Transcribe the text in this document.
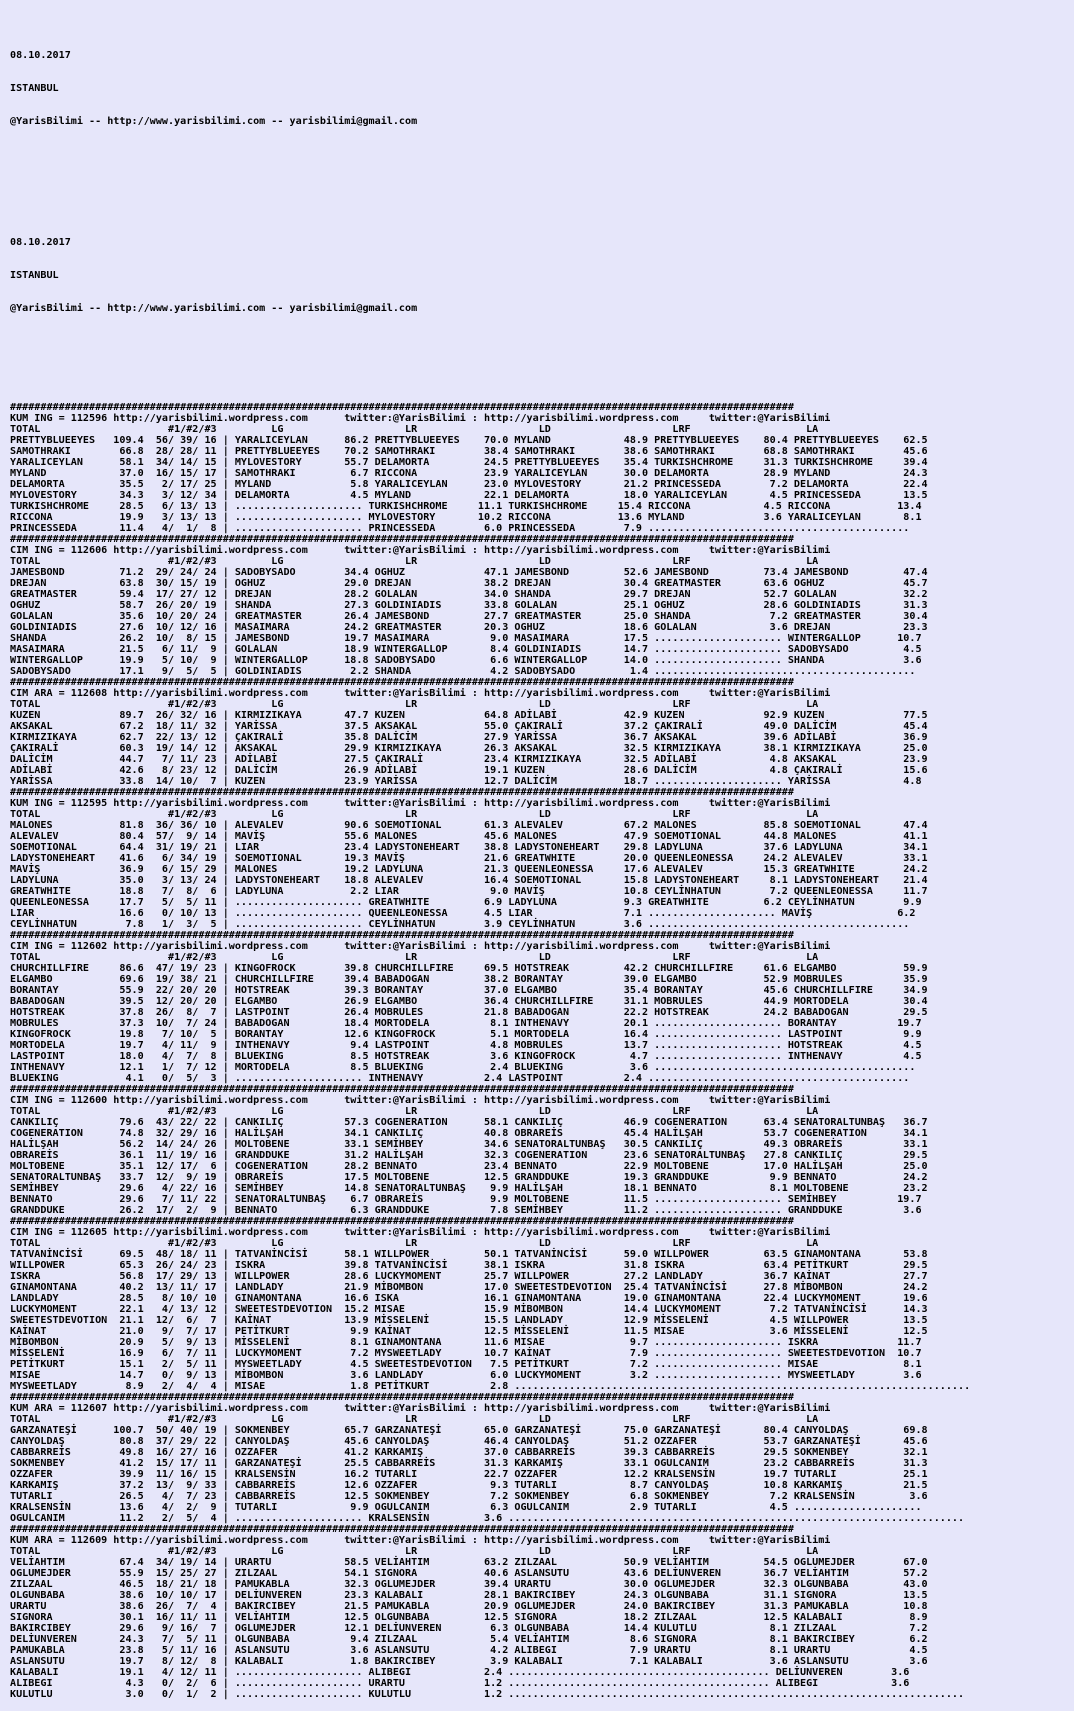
08.10.2017

ISTANBUL

@YarisBilimi -- http://www.yarisbilimi.com -- yarisbilimi@gmail.com

08.10.2017

ISTANBUL

@YarisBilimi -- http://www.yarisbilimi.com -- yarisbilimi@gmail.com

#################################################################################################################################
KUM ING = 112596 http://yarisbilimi.wordpress.com      twitter:@YarisBilimi : http://yarisbilimi.wordpress.com     twitter:@YarisBilimi
TOTAL                     #1/#2/#3         LG                    LR                    LD                    LRF                   LA
PRETTYBLUEEYES   109.4  56/ 39/ 16 | YARALICEYLAN      86.2 PRETTYBLUEEYES    70.0 MYLAND            48.9 PRETTYBLUEEYES    80.4 PRETTYBLUEEYES    62.5
SAMOTHRAKI        66.8  28/ 28/ 11 | PRETTYBLUEEYES    70.2 SAMOTHRAKI        38.4 SAMOTHRAKI        38.6 SAMOTHRAKI        68.8 SAMOTHRAKI        45.6
YARALICEYLAN      58.1  34/ 14/ 15 | MYLOVESTORY       55.7 DELAMORTA         24.5 PRETTYBLUEEYES    35.4 TURKISHCHROME     31.3 TURKISHCHROME     39.4
MYLAND            37.0  16/ 15/ 17 | SAMOTHRAKI         6.7 RICCONA           23.9 YARALICEYLAN      30.0 DELAMORTA         28.9 MYLAND            24.3
DELAMORTA         35.5   2/ 17/ 25 | MYLAND             5.8 YARALICEYLAN      23.0 MYLOVESTORY       21.2 PRINCESSEDA        7.2 DELAMORTA         22.4
MYLOVESTORY       34.3   3/ 12/ 34 | DELAMORTA          4.5 MYLAND            22.1 DELAMORTA         18.0 YARALICEYLAN       4.5 PRINCESSEDA       13.5
TURKISHCHROME     28.5   6/ 13/ 13 | ..................... TURKISHCHROME     11.1 TURKISHCHROME     15.4 RICCONA            4.5 RICCONA           13.4
RICCONA           19.9   3/ 13/ 13 | ..................... MYLOVESTORY       10.2 RICCONA           13.6 MYLAND             3.6 YARALICEYLAN       8.1
PRINCESSEDA       11.4   4/  1/  8 | ..................... PRINCESSEDA        6.0 PRINCESSEDA        7.9 ...........................................
#################################################################################################################################
CIM ING = 112606 http://yarisbilimi.wordpress.com      twitter:@YarisBilimi : http://yarisbilimi.wordpress.com     twitter:@YarisBilimi
TOTAL                     #1/#2/#3         LG                    LR                    LD                    LRF                   LA
JAMESBOND         71.2  29/ 24/ 24 | SADOBYSADO        34.4 OGHUZ             47.1 JAMESBOND         52.6 JAMESBOND         73.4 JAMESBOND         47.4
DREJAN            63.8  30/ 15/ 19 | OGHUZ             29.0 DREJAN            38.2 DREJAN            30.4 GREATMASTER       63.6 OGHUZ             45.7
GREATMASTER       59.4  17/ 27/ 12 | DREJAN            28.2 GOLALAN           34.0 SHANDA            29.7 DREJAN            52.7 GOLALAN           32.2
OGHUZ             58.7  26/ 20/ 19 | SHANDA            27.3 GOLDINIADIS       33.8 GOLALAN           25.1 OGHUZ             28.6 GOLDINIADIS       31.3
GOLALAN           35.6  10/ 20/ 24 | GREATMASTER       26.4 JAMESBOND         27.7 GREATMASTER       25.0 SHANDA             7.2 GREATMASTER       30.4
GOLDINIADIS       27.6  10/ 12/ 16 | MASAIMARA         24.2 GREATMASTER       20.3 OGHUZ             18.6 GOLALAN            3.6 DREJAN            23.3
SHANDA            26.2  10/  8/ 15 | JAMESBOND         19.7 MASAIMARA          9.0 MASAIMARA         17.5 ..................... WINTERGALLOP      10.7
MASAIMARA         21.5   6/ 11/  9 | GOLALAN           18.9 WINTERGALLOP       8.4 GOLDINIADIS       14.7 ..................... SADOBYSADO         4.5
WINTERGALLOP      19.9   5/ 10/  9 | WINTERGALLOP      18.8 SADOBYSADO         6.6 WINTERGALLOP      14.0 ..................... SHANDA             3.6
SADOBYSADO        17.1   9/  5/  5 | GOLDINIADIS        2.2 SHANDA             4.2 SADOBYSADO         1.4 ...........................................
#################################################################################################################################
CIM ARA = 112608 http://yarisbilimi.wordpress.com      twitter:@YarisBilimi : http://yarisbilimi.wordpress.com     twitter:@YarisBilimi
TOTAL                     #1/#2/#3         LG                    LR                    LD                    LRF                   LA
KUZEN             89.7  26/ 32/ 16 | KIRMIZIKAYA       47.7 KUZEN             64.8 ADİLABİ           42.9 KUZEN             92.9 KUZEN             77.5
AKSAKAL           67.2  18/ 11/ 32 | YARİSSA           37.5 AKSAKAL           55.0 ÇAKIRALİ          37.2 ÇAKIRALİ          49.0 DALİCİM           45.4
KIRMIZIKAYA       62.7  22/ 13/ 12 | ÇAKIRALİ          35.8 DALİCİM           27.9 YARİSSA           36.7 AKSAKAL           39.6 ADİLABİ           36.9
ÇAKIRALİ          60.3  19/ 14/ 12 | AKSAKAL           29.9 KIRMIZIKAYA       26.3 AKSAKAL           32.5 KIRMIZIKAYA       38.1 KIRMIZIKAYA       25.0
DALİCİM           44.7   7/ 11/ 23 | ADİLABİ           27.5 ÇAKIRALİ          23.4 KIRMIZIKAYA       32.5 ADİLABİ            4.8 AKSAKAL           23.9
ADİLABİ           42.6   8/ 23/ 12 | DALİCİM           26.9 ADİLABİ           19.1 KUZEN             28.6 DALİCİM            4.8 ÇAKIRALİ          15.6
YARİSSA           33.8  14/ 10/  7 | KUZEN             23.9 YARİSSA           12.7 DALİCİM           18.7 ..................... YARİSSA            4.8
#################################################################################################################################
KUM ING = 112595 http://yarisbilimi.wordpress.com      twitter:@YarisBilimi : http://yarisbilimi.wordpress.com     twitter:@YarisBilimi
TOTAL                     #1/#2/#3         LG                    LR                    LD                    LRF                   LA
MALONES           81.8  36/ 36/ 10 | ALEVALEV          90.6 SOEMOTIONAL       61.3 ALEVALEV          67.2 MALONES           85.8 SOEMOTIONAL       47.4
ALEVALEV          80.4  57/  9/ 14 | MAVİŞ             55.6 MALONES           45.6 MALONES           47.9 SOEMOTIONAL       44.8 MALONES           41.1
SOEMOTIONAL       64.4  31/ 19/ 21 | LIAR              23.4 LADYSTONEHEART    38.8 LADYSTONEHEART    29.8 LADYLUNA          37.6 LADYLUNA          34.1
LADYSTONEHEART    41.6   6/ 34/ 19 | SOEMOTIONAL       19.3 MAVİŞ             21.6 GREATWHITE        20.0 QUEENLEONESSA     24.2 ALEVALEV          33.1
MAVİŞ             36.9   6/ 15/ 29 | MALONES           19.2 LADYLUNA          21.3 QUEENLEONESSA     17.6 ALEVALEV          15.3 GREATWHITE        24.2
LADYLUNA          35.0   3/ 13/ 24 | LADYSTONEHEART    18.8 ALEVALEV          16.4 SOEMOTIONAL       15.8 LADYSTONEHEART     8.1 LADYSTONEHEART    21.4
GREATWHITE        18.8   7/  8/  6 | LADYLUNA           2.2 LIAR               9.0 MAVİŞ             10.8 CEYLİNHATUN        7.2 QUEENLEONESSA     11.7
QUEENLEONESSA     17.7   5/  5/ 11 | ..................... GREATWHITE         6.9 LADYLUNA           9.3 GREATWHITE         6.2 CEYLİNHATUN        9.9
LIAR              16.6   0/ 10/ 13 | ..................... QUEENLEONESSA      4.5 LIAR               7.1 ..................... MAVİŞ              6.2
CEYLİNHATUN        7.8   1/  3/  5 | ..................... CEYLİNHATUN        3.9 CEYLİNHATUN        3.6 ...........................................
#################################################################################################################################
CIM ING = 112602 http://yarisbilimi.wordpress.com      twitter:@YarisBilimi : http://yarisbilimi.wordpress.com     twitter:@YarisBilimi
TOTAL                     #1/#2/#3         LG                    LR                    LD                    LRF                   LA
CHURCHILLFIRE     86.6  47/ 19/ 23 | KINGOFROCK        39.8 CHURCHILLFIRE     69.5 HOTSTREAK         42.2 CHURCHILLFIRE     61.6 ELGAMBO           59.9
ELGAMBO           69.6  19/ 38/ 21 | CHURCHILLFIRE     39.4 BABADOGAN         38.2 BORANTAY          39.0 ELGAMBO           52.9 MOBRULES          35.9
BORANTAY          55.9  22/ 20/ 20 | HOTSTREAK         39.3 BORANTAY          37.0 ELGAMBO           35.4 BORANTAY          45.6 CHURCHILLFIRE     34.9
BABADOGAN         39.5  12/ 20/ 20 | ELGAMBO           26.9 ELGAMBO           36.4 CHURCHILLFIRE     31.1 MOBRULES          44.9 MORTODELA         30.4
HOTSTREAK         37.8  26/  8/  7 | LASTPOINT         26.4 MOBRULES          21.8 BABADOGAN         22.2 HOTSTREAK         24.2 BABADOGAN         29.5
MOBRULES          37.3  10/  7/ 24 | BABADOGAN         18.4 MORTODELA          8.1 INTHENAVY         20.1 ..................... BORANTAY          19.7
KINGOFROCK        19.8   7/ 10/  5 | BORANTAY          12.6 KINGOFROCK         5.1 MORTODELA         16.4 ..................... LASTPOINT          9.9
MORTODELA         19.7   4/ 11/  9 | INTHENAVY          9.4 LASTPOINT          4.8 MOBRULES          13.7 ..................... HOTSTREAK          4.5
LASTPOINT         18.0   4/  7/  8 | BLUEKING           8.5 HOTSTREAK          3.6 KINGOFROCK         4.7 ..................... INTHENAVY          4.5
INTHENAVY         12.1   1/  7/ 12 | MORTODELA          8.5 BLUEKING           2.4 BLUEKING           3.6 ...........................................
BLUEKING           4.1   0/  5/  3 | ..................... INTHENAVY          2.4 LASTPOINT          2.4 ...........................................
#################################################################################################################################
CIM ING = 112600 http://yarisbilimi.wordpress.com      twitter:@YarisBilimi : http://yarisbilimi.wordpress.com     twitter:@YarisBilimi
TOTAL                     #1/#2/#3         LG                    LR                    LD                    LRF                   LA
CANKILIÇ          79.6  43/ 22/ 22 | CANKILIÇ          57.3 COGENERATION      58.1 CANKILIÇ          46.9 COGENERATION      63.4 SENATORALTUNBAŞ   36.7
COGENERATION      74.8  32/ 29/ 16 | HALİLŞAH          34.1 CANKILIÇ          40.8 OBRAREİS          45.4 HALİLŞAH          53.7 COGENERATION      34.1
HALİLŞAH          56.2  14/ 24/ 26 | MOLTOBENE         33.1 SEMİHBEY          34.6 SENATORALTUNBAŞ   30.5 CANKILIÇ          49.3 OBRAREİS          33.1
OBRAREİS          36.1  11/ 19/ 16 | GRANDDUKE         31.2 HALİLŞAH          32.3 COGENERATION      23.6 SENATORALTUNBAŞ   27.8 CANKILIÇ          29.5
MOLTOBENE         35.1  12/ 17/  6 | COGENERATION      28.2 BENNATO           23.4 BENNATO           22.9 MOLTOBENE         17.0 HALİLŞAH          25.0
SENATORALTUNBAŞ   33.7  12/  9/ 19 | OBRAREİS          17.5 MOLTOBENE         12.5 GRANDDUKE         19.3 GRANDDUKE          9.9 BENNATO           24.2
SEMİHBEY          29.6   4/ 22/ 16 | SEMİHBEY          14.8 SENATORALTUNBAŞ    9.9 HALİLŞAH          18.1 BENNATO            8.1 MOLTOBENE         23.2
BENNATO           29.6   7/ 11/ 22 | SENATORALTUNBAŞ    6.7 OBRAREİS           9.9 MOLTOBENE         11.5 ..................... SEMİHBEY          19.7
GRANDDUKE         26.2  17/  2/  9 | BENNATO            6.3 GRANDDUKE          7.8 SEMİHBEY          11.2 ..................... GRANDDUKE          3.6
#################################################################################################################################
CIM ING = 112605 http://yarisbilimi.wordpress.com      twitter:@YarisBilimi : http://yarisbilimi.wordpress.com     twitter:@YarisBilimi
TOTAL                     #1/#2/#3         LG                    LR                    LD                    LRF                   LA
TATVANİNCİSİ      69.5  48/ 18/ 11 | TATVANİNCİSİ      58.1 WILLPOWER         50.1 TATVANİNCİSİ      59.0 WILLPOWER         63.5 GINAMONTANA       53.8
WILLPOWER         65.3  26/ 24/ 23 | ISKRA             39.8 TATVANİNCİSİ      38.1 ISKRA             31.8 ISKRA             63.4 PETİTKURT         29.5
ISKRA             56.8  17/ 29/ 13 | WILLPOWER         28.6 LUCKYMOMENT       25.7 WILLPOWER         27.2 LANDLADY          36.7 KAİNAT            27.7
GINAMONTANA       40.2  13/ 11/ 17 | LANDLADY          21.9 MİBOMBON          17.0 SWEETESTDEVOTION  25.4 TATVANİNCİSİ      27.8 MİBOMBON          24.2
LANDLADY          28.5   8/ 10/ 10 | GINAMONTANA       16.6 ISKA              16.1 GINAMONTANA       19.0 GINAMONTANA       22.4 LUCKYMOMENT       19.6
LUCKYMOMENT       22.1   4/ 13/ 12 | SWEETESTDEVOTION  15.2 MISAE             15.9 MİBOMBON          14.4 LUCKYMOMENT        7.2 TATVANİNCİSİ      14.3
SWEETESTDEVOTION  21.1  12/  6/  7 | KAİNAT            13.9 MİSSELENİ         15.5 LANDLADY          12.9 MİSSELENİ          4.5 WILLPOWER         13.5
KAİNAT            21.0   9/  7/ 17 | PETİTKURT          9.9 KAİNAT            12.5 MİSSELENİ         11.5 MISAE              3.6 MİSSELENİ         12.5
MİBOMBON          20.9   5/  9/ 13 | MİSSELENİ          8.1 GINAMONTANA       11.6 MISAE              9.7 ..................... ISKRA             11.7
MİSSELENİ         16.9   6/  7/ 11 | LUCKYMOMENT        7.2 MYSWEETLADY       10.7 KAİNAT             7.9 ..................... SWEETESTDEVOTION  10.7
PETİTKURT         15.1   2/  5/ 11 | MYSWEETLADY        4.5 SWEETESTDEVOTION   7.5 PETİTKURT          7.2 ..................... MISAE              8.1
MISAE             14.7   0/  9/ 13 | MİBOMBON           3.6 LANDLADY           6.0 LUCKYMOMENT        3.2 ..................... MYSWEETLADY        3.6
MYSWEETLADY        8.9   2/  4/  4 | MISAE              1.8 PETİTKURT          2.8 ...........................................................................
#################################################################################################################################
KUM ARA = 112607 http://yarisbilimi.wordpress.com      twitter:@YarisBilimi : http://yarisbilimi.wordpress.com     twitter:@YarisBilimi
TOTAL                     #1/#2/#3         LG                    LR                    LD                    LRF                   LA
GARZANATEŞİ      100.7  50/ 40/ 19 | SOKMENBEY         65.7 GARZANATEŞİ       65.0 GARZANATEŞİ       75.0 GARZANATEŞİ       80.4 CANYOLDAŞ         69.8
CANYOLDAŞ         80.8  37/ 29/ 22 | CANYOLDAŞ         45.6 CANYOLDAŞ         46.4 CANYOLDAŞ         51.2 OZZAFER           53.7 GARZANATEŞİ       45.6
CABBARREİS        49.8  16/ 27/ 16 | OZZAFER           41.2 KARKAMIŞ          37.0 CABBARREİS        39.3 CABBARREİS        29.5 SOKMENBEY         32.1
SOKMENBEY         41.2  15/ 17/ 11 | GARZANATEŞİ       25.5 CABBARREİS        31.3 KARKAMIŞ          33.1 OGULCANIM         23.2 CABBARREİS        31.3
OZZAFER           39.9  11/ 16/ 15 | KRALSENSİN        16.2 TUTARLI           22.7 OZZAFER           12.2 KRALSENSİN        19.7 TUTARLI           25.1
KARKAMIŞ          37.2  13/  9/ 33 | CABBARREİS        12.6 OZZAFER            9.3 TUTARLI            8.7 CANYOLDAŞ         10.8 KARKAMIŞ          21.5
TUTARLI           26.5   4/  7/ 23 | CABBARREİS        12.5 SOKMENBEY          7.2 SOKMENBEY          6.8 SOKMENBEY          7.2 KRALSENSİN         3.6
KRALSENSİN        13.6   4/  2/  9 | TUTARLI            9.9 OGULCANIM          6.3 OGULCANIM          2.9 TUTARLI            4.5 .....................
OGULCANIM         11.2   2/  5/  4 | ..................... KRALSENSİN         3.6 ...........................................................................
#################################################################################################################################
KUM ARA = 112609 http://yarisbilimi.wordpress.com      twitter:@YarisBilimi : http://yarisbilimi.wordpress.com     twitter:@YarisBilimi
TOTAL                     #1/#2/#3         LG                    LR                    LD                    LRF                   LA
VELİAHTIM         67.4  34/ 19/ 14 | URARTU            58.5 VELİAHTIM         63.2 ZILZAAL           50.9 VELİAHTIM         54.5 OGLUMEJDER        67.0
OGLUMEJDER        55.9  15/ 25/ 27 | ZILZAAL           54.1 SIGNORA           40.6 ASLANSUTU         43.6 DELİUNVEREN       36.7 VELİAHTIM         57.2
ZILZAAL           46.5  18/ 21/ 18 | PAMUKABLA         32.3 OGLUMEJDER        39.4 URARTU            30.0 OGLUMEJDER        32.3 OLGUNBABA         43.0
OLGUNBABA         38.6  10/ 10/ 17 | DELİUNVEREN       23.3 KALABALI          28.1 BAKIRCIBEY        24.3 OLGUNBABA         31.1 SIGNORA           13.5
URARTU            38.6  26/  7/  4 | BAKIRCIBEY        21.5 PAMUKABLA         20.9 OGLUMEJDER        24.0 BAKIRCIBEY        31.3 PAMUKABLA         10.8
SIGNORA           30.1  16/ 11/ 11 | VELİAHTIM         12.5 OLGUNBABA         12.5 SIGNORA           18.2 ZILZAAL           12.5 KALABALI           8.9
BAKIRCIBEY        29.6   9/ 16/  7 | OGLUMEJDER        12.1 DELİUNVEREN        6.3 OLGUNBABA         14.4 KULUTLU            8.1 ZILZAAL            7.2
DELİUNVEREN       24.3   7/  5/ 11 | OLGUNBABA          9.4 ZILZAAL            5.4 VELİAHTIM          8.6 SIGNORA            8.1 BAKIRCIBEY         6.2
PAMUKABLA         23.8   5/ 11/ 16 | ASLANSUTU          3.6 ASLANSUTU          4.2 ALIBEGI            7.9 URARTU             8.1 URARTU             4.5
ASLANSUTU         19.7   8/ 12/  8 | KALABALI           1.8 BAKIRCIBEY         3.9 KALABALI           7.1 KALABALI           3.6 ASLANSUTU          3.6
KALABALI          19.1   4/ 12/ 11 | ..................... ALIBEGI            2.4 ........................................... DELİUNVEREN        3.6
ALIBEGI            4.3   0/  2/  6 | ..................... URARTU             1.2 ........................................... ALIBEGI            3.6
KULUTLU            3.0   0/  1/  2 | ..................... KULUTLU            1.2 ...........................................................................
